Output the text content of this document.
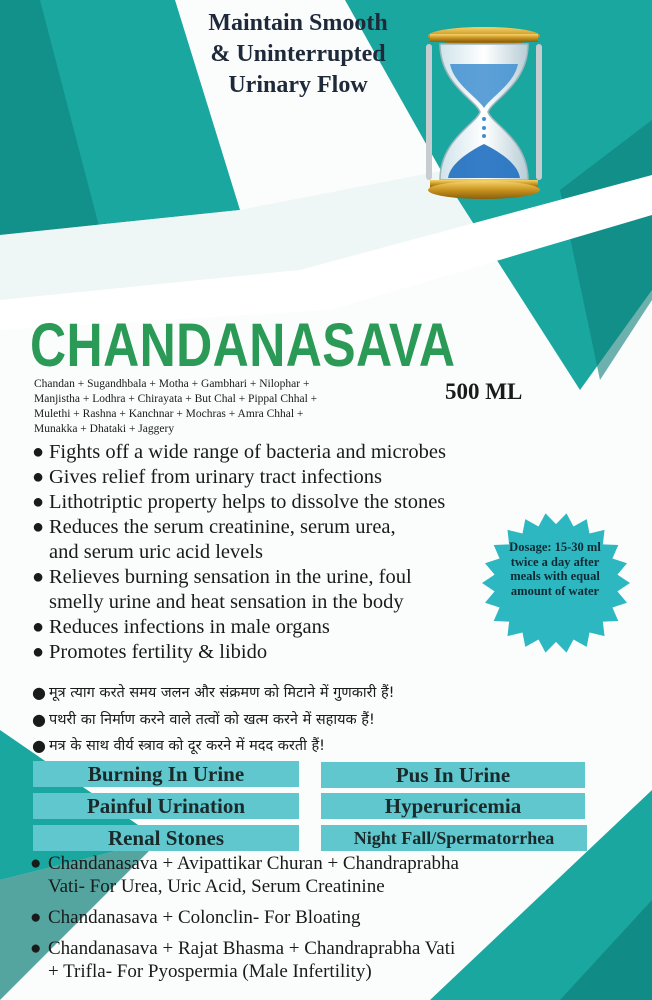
Maintain Smooth
& Uninterrupted
Urinary Flow
CHANDANASAVA
500 ML
Chandan + Sugandhbala + Motha + Gambhari + Nilophar +
Manjistha + Lodhra + Chirayata + But Chal + Pippal Chhal +
Mulethi + Rashna + Kanchnar + Mochras + Amra Chhal +
Munakka + Dhataki + Jaggery
● Fights off a wide range of bacteria and microbes
● Gives relief from urinary tract infections
● Lithotriptic property helps to dissolve the stones
● Reduces the serum creatinine, serum urea,
and serum uric acid levels
● Relieves burning sensation in the urine, foul
smelly urine and heat sensation in the body
● Reduces infections in male organs
● Promotes fertility & libido
Dosage: 15-30 ml
twice a day after
meals with equal
amount of water
● मूत्र त्याग करते समय जलन और संक्रमण को मिटाने में गुणकारी हैं!
● पथरी का निर्माण करने वाले तत्वों को खत्म करने में सहायक हैं!
● मत्र के साथ वीर्य स्त्राव को दूर करने में मदद करती हैं!
Burning In Urine	Pus In Urine
Painful Urination	Hyperuricemia
Renal Stones	Night Fall/Spermatorrhea
● Chandanasava + Avipattikar Churan + Chandraprabha
Vati- For Urea, Uric Acid, Serum Creatinine
● Chandanasava + Colonclin- For Bloating
● Chandanasava + Rajat Bhasma + Chandraprabha Vati
+ Trifla- For Pyospermia (Male Infertility)
